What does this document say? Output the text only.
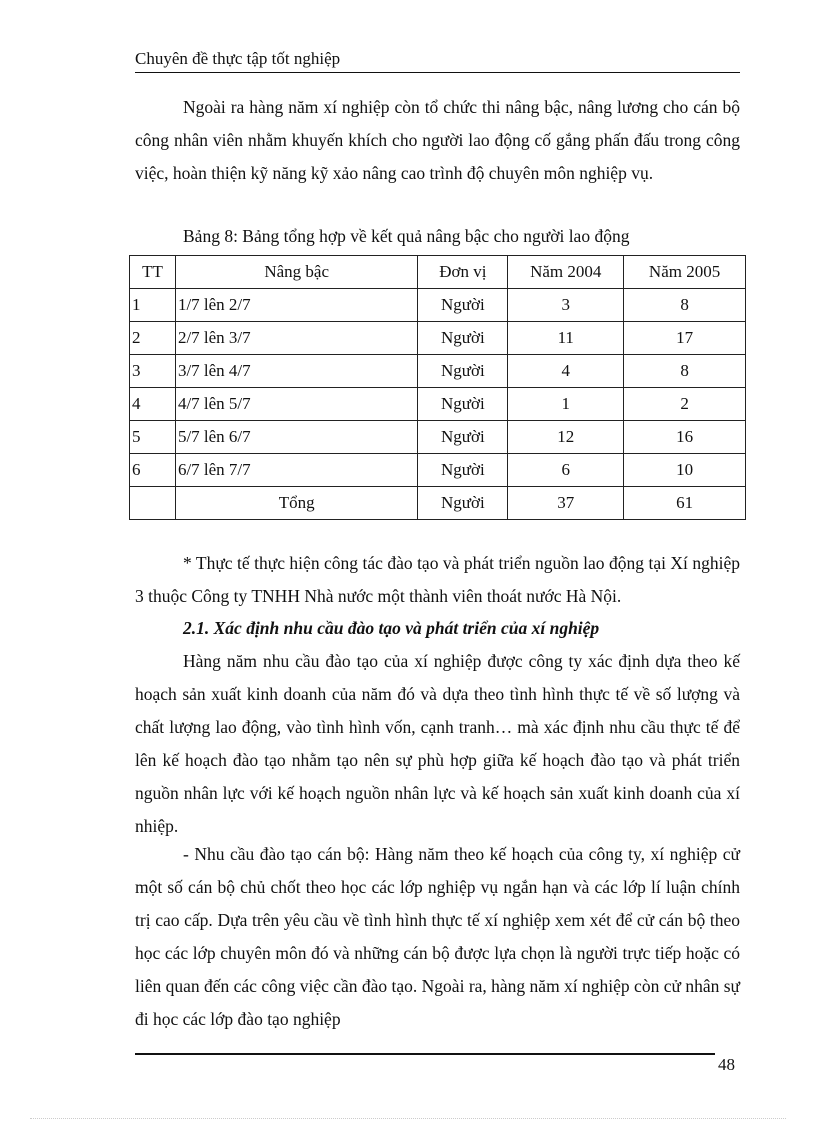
Chuyên đề thực tập tốt nghiệp

Ngoài ra hàng năm xí nghiệp còn tổ chức thi nâng bậc, nâng lương cho cán bộ công nhân viên nhằm khuyến khích cho người lao động cố gắng phấn đấu trong công việc, hoàn thiện kỹ năng kỹ xảo nâng cao trình độ chuyên môn nghiệp vụ.

Bảng 8: Bảng tổng hợp về kết quả nâng bậc cho người lao động
TT	Nâng bậc	Đơn vị	Năm 2004	Năm 2005
1	1/7 lên 2/7	Người	3	8
2	2/7 lên 3/7	Người	11	17
3	3/7 lên 4/7	Người	4	8
4	4/7 lên 5/7	Người	1	2
5	5/7 lên 6/7	Người	12	16
6	6/7 lên 7/7	Người	6	10
	Tổng	Người	37	61

* Thực tế thực hiện công tác đào tạo và phát triển nguồn lao động tại Xí nghiệp 3 thuộc Công ty TNHH Nhà nước một thành viên thoát nước Hà Nội.

2.1. Xác định nhu cầu đào tạo và phát triển của xí nghiệp

Hàng năm nhu cầu đào tạo của xí nghiệp được công ty xác định dựa theo kế hoạch sản xuất kinh doanh của năm đó và dựa theo tình hình thực tế về số lượng và chất lượng lao động, vào tình hình vốn, cạnh tranh… mà xác định nhu cầu thực tế để lên kế hoạch đào tạo nhằm tạo nên sự phù hợp giữa kế hoạch đào tạo và phát triển nguồn nhân lực với kế hoạch nguồn nhân lực và kế hoạch sản xuất kinh doanh của xí nhiệp.

- Nhu cầu đào tạo cán bộ: Hàng năm theo kế hoạch của công ty, xí nghiệp cử một số cán bộ chủ chốt theo học các lớp nghiệp vụ ngắn hạn và các lớp lí luận chính trị cao cấp. Dựa trên yêu cầu về tình hình thực tế xí nghiệp xem xét để cử cán bộ theo học các lớp chuyên môn đó và những cán bộ được lựa chọn là người trực tiếp hoặc có liên quan đến các công việc cần đào tạo. Ngoài ra, hàng năm xí nghiệp còn cử nhân sự đi học các lớp đào tạo nghiệp

48
